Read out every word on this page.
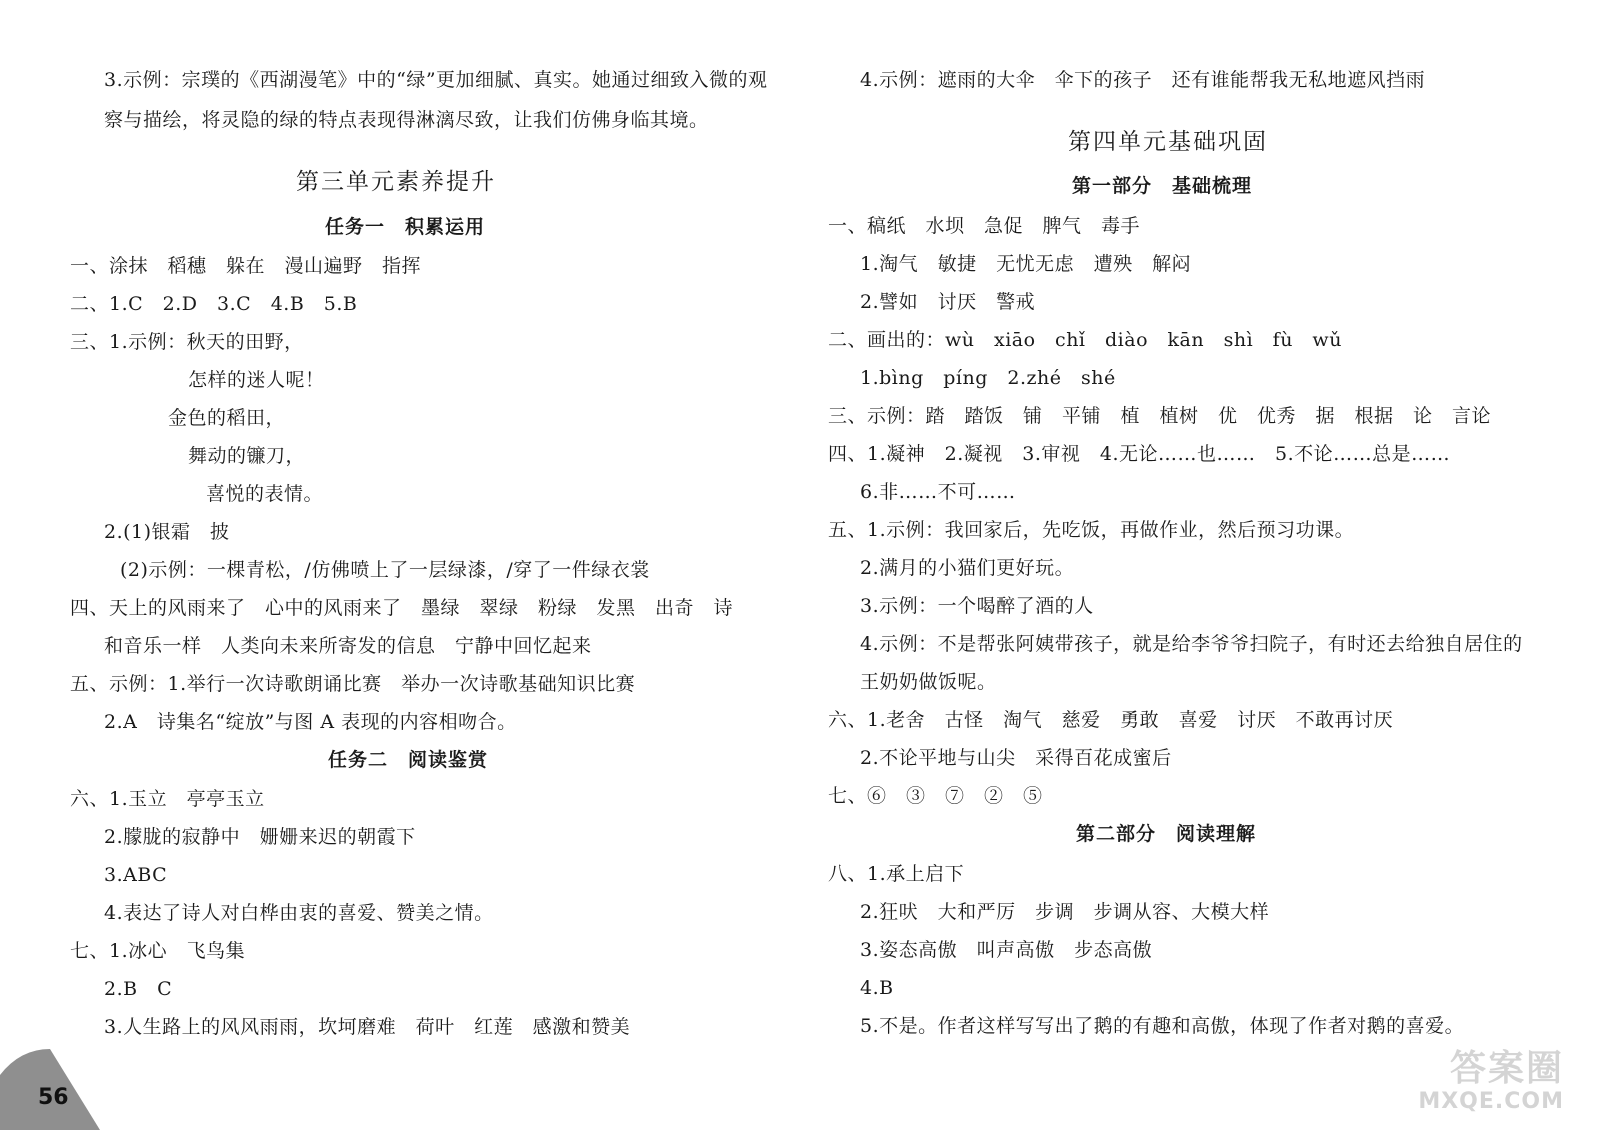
3.示例：宗璞的《西湖漫笔》中的“绿”更加细腻、真实。她通过细致入微的观
察与描绘，将灵隐的绿的特点表现得淋漓尽致，让我们仿佛身临其境。
第三单元素养提升
任务一　积累运用
一、涂抹　稻穗　躲在　漫山遍野　指挥
二、1.C　2.D　3.C　4.B　5.B
三、1.示例：秋天的田野，
怎样的迷人呢！
金色的稻田，
舞动的镰刀，
喜悦的表情。
2.(1)银霜　披
(2)示例：一棵青松，/仿佛喷上了一层绿漆，/穿了一件绿衣裳
四、天上的风雨来了　心中的风雨来了　墨绿　翠绿　粉绿　发黑　出奇　诗
和音乐一样　人类向未来所寄发的信息　宁静中回忆起来
五、示例：1.举行一次诗歌朗诵比赛　举办一次诗歌基础知识比赛
2.A　诗集名“绽放”与图 A 表现的内容相吻合。
任务二　阅读鉴赏
六、1.玉立　亭亭玉立
2.朦胧的寂静中　姗姗来迟的朝霞下
3.ABC
4.表达了诗人对白桦由衷的喜爱、赞美之情。
七、1.冰心　飞鸟集
2.B　C
3.人生路上的风风雨雨，坎坷磨难　荷叶　红莲　感激和赞美
56
4.示例：遮雨的大伞　伞下的孩子　还有谁能帮我无私地遮风挡雨
第四单元基础巩固
第一部分　基础梳理
一、稿纸　水坝　急促　脾气　毒手
1.淘气　敏捷　无忧无虑　遭殃　解闷
2.譬如　讨厌　警戒
二、画出的：wù　xiāo　chǐ　diào　kān　shì　fù　wǔ
1.bìng　píng　2.zhé　shé
三、示例：踏　踏饭　铺　平铺　植　植树　优　优秀　据　根据　论　言论
四、1.凝神　2.凝视　3.审视　4.无论……也……　5.不论……总是……
6.非……不可……
五、1.示例：我回家后，先吃饭，再做作业，然后预习功课。
2.满月的小猫们更好玩。
3.示例：一个喝醉了酒的人
4.示例：不是帮张阿姨带孩子，就是给李爷爷扫院子，有时还去给独自居住的
王奶奶做饭呢。
六、1.老舍　古怪　淘气　慈爱　勇敢　喜爱　讨厌　不敢再讨厌
2.不论平地与山尖　采得百花成蜜后
七、⑥　③　⑦　②　⑤
第二部分　阅读理解
八、1.承上启下
2.狂吠　大和严厉　步调　步调从容、大模大样
3.姿态高傲　叫声高傲　步态高傲
4.B
5.不是。作者这样写写出了鹅的有趣和高傲，体现了作者对鹅的喜爱。
答案圈
MXQE.COM
